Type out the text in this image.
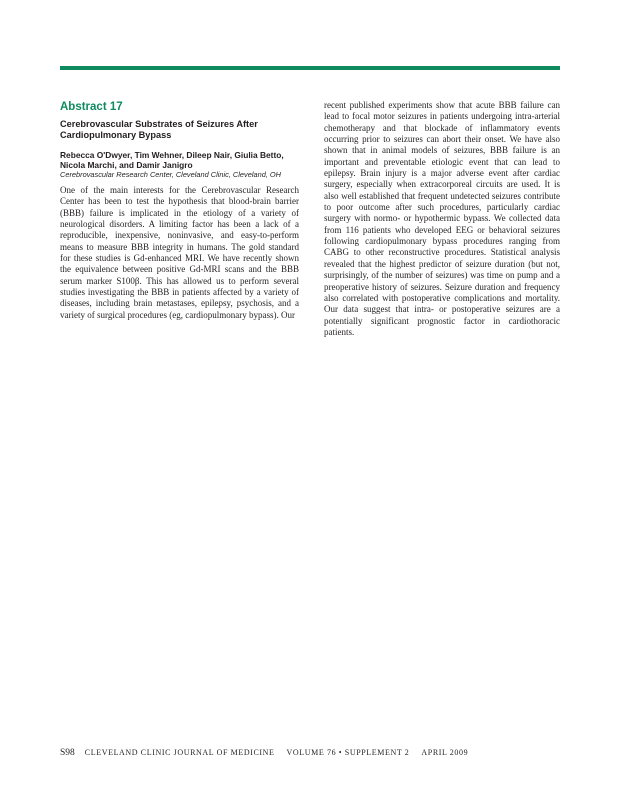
Abstract 17
Cerebrovascular Substrates of Seizures After Cardiopulmonary Bypass

Rebecca O'Dwyer, Tim Wehner, Dileep Nair, Giulia Betto, Nicola Marchi, and Damir Janigro

Cerebrovascular Research Center, Cleveland Clinic, Cleveland, OH

One of the main interests for the Cerebrovascular Research Center has been to test the hypothesis that blood-brain barrier (BBB) failure is implicated in the etiology of a variety of neurological disorders. A limiting factor has been a lack of a reproducible, inexpensive, noninvasive, and easy-to-perform means to measure BBB integrity in humans. The gold standard for these studies is Gd-enhanced MRI. We have recently shown the equivalence between positive Gd-MRI scans and the BBB serum marker S100β. This has allowed us to perform several studies investigating the BBB in patients affected by a variety of diseases, including brain metastases, epilepsy, psychosis, and a variety of surgical procedures (eg, cardiopulmonary bypass). Our

recent published experiments show that acute BBB failure can lead to focal motor seizures in patients undergoing intra-arterial chemotherapy and that blockade of inflammatory events occurring prior to seizures can abort their onset. We have also shown that in animal models of seizures, BBB failure is an important and preventable etiologic event that can lead to epilepsy. Brain injury is a major adverse event after cardiac surgery, especially when extracorporeal circuits are used. It is also well established that frequent undetected seizures contribute to poor outcome after such procedures, particularly cardiac surgery with normo- or hypothermic bypass. We collected data from 116 patients who developed EEG or behavioral seizures following cardiopulmonary bypass procedures ranging from CABG to other reconstructive procedures. Statistical analysis revealed that the highest predictor of seizure duration (but not, surprisingly, of the number of seizures) was time on pump and a preoperative history of seizures. Seizure duration and frequency also correlated with postoperative complications and mortality. Our data suggest that intra- or postoperative seizures are a potentially significant prognostic factor in cardiothoracic patients.

S98 CLEVELAND CLINIC JOURNAL OF MEDICINE VOLUME 76 • SUPPLEMENT 2 APRIL 2009
